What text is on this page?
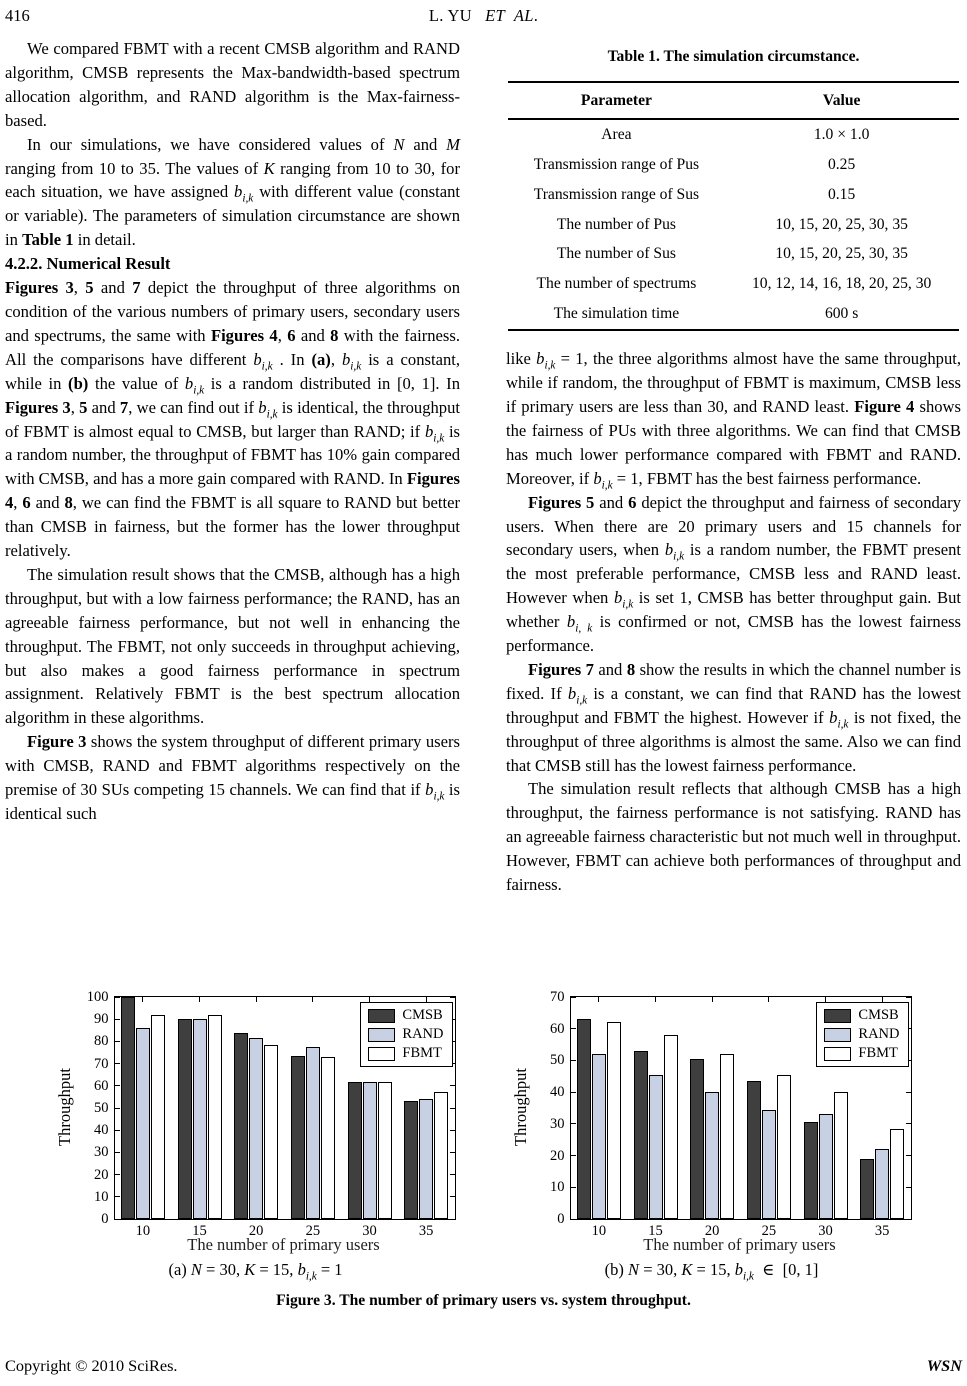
416	L. YU   ET  AL.

We compared FBMT with a recent CMSB algorithm and RAND algorithm, CMSB represents the Max-bandwidth-based spectrum allocation algorithm, and RAND algorithm is the Max-fairness-based.

In our simulations, we have considered values of N and M ranging from 10 to 35. The values of K ranging from 10 to 30, for each situation, we have assigned $b_{i,k}$ with different value (constant or variable). The parameters of simulation circumstance are shown in Table 1 in detail.

4.2.2. Numerical Result

Figures 3, 5 and 7 depict the throughput of three algorithms on condition of the various numbers of primary users, secondary users and spectrums, the same with Figures 4, 6 and 8 with the fairness. All the comparisons have different $b_{i,k}$ . In (a), $b_{i,k}$ is a constant, while in (b) the value of $b_{i,k}$ is a random distributed in [0, 1]. In Figures 3, 5 and 7, we can find out if $b_{i,k}$ is identical, the throughput of FBMT is almost equal to CMSB, but larger than RAND; if $b_{i,k}$ is a random number, the throughput of FBMT has 10% gain compared with CMSB, and has a more gain compared with RAND. In Figures 4, 6 and 8, we can find the FBMT is all square to RAND but better than CMSB in fairness, but the former has the lower throughput relatively.

The simulation result shows that the CMSB, although has a high throughput, but with a low fairness performance; the RAND, has an agreeable fairness performance, but not well in enhancing the throughput. The FBMT, not only succeeds in throughput achieving, but also makes a good fairness performance in spectrum assignment. Relatively FBMT is the best spectrum allocation algorithm in these algorithms.

Figure 3 shows the system throughput of different primary users with CMSB, RAND and FBMT algorithms respectively on the premise of 30 SUs competing 15 channels. We can find that if $b_{i,k}$ is identical such

Table 1. The simulation circumstance.
Parameter	Value
Area	1.0 × 1.0

Transmission range of Pus	0.25

Transmission range of Sus	0.15

The number of Pus	10, 15, 20, 25, 30, 35

The number of Sus	10, 15, 20, 25, 30, 35

The number of spectrums	10, 12, 14, 16, 18, 20, 25, 30

The simulation time	600 s

like $b_{i,k} = 1$, the three algorithms almost have the same throughput, while if random, the throughput of FBMT is maximum, CMSB less if primary users are less than 30, and RAND least. Figure 4 shows the fairness of PUs with three algorithms. We can find that CMSB has much lower performance compared with FBMT and RAND. Moreover, if $b_{i,k} = 1$, FBMT has the best fairness performance.

Figures 5 and 6 depict the throughput and fairness of secondary users. When there are 20 primary users and 15 channels for secondary users, when $b_{i,k}$ is a random number, the FBMT present the most preferable performance, CMSB less and RAND least. However when $b_{i,k}$ is set 1, CMSB has better throughput gain. But whether $b_{i, k}$ is confirmed or not, CMSB has the lowest fairness performance.

Figures 7 and 8 show the results in which the channel number is fixed. If $b_{i,k}$ is a constant, we can find that RAND has the lowest throughput and FBMT the highest. However if $b_{i,k}$ is not fixed, the throughput of three algorithms is almost the same. Also we can find that CMSB still has the lowest fairness performance.

The simulation result reflects that although CMSB has a high throughput, the fairness performance is not satisfying. RAND has an agreeable fairness characteristic but not much well in throughput. However, FBMT can achieve both performances of throughput and fairness.

Throughput
0
10
20
30
40
50
60
70
80
90
100
10	15	20	25	30	35
CMSB
RAND
FBMT
The number of primary users
(a) N = 30, K = 15, $b_{i,k} = 1$
Throughput
0
10
20
30
40
50
60
70
10	15	20	25	30	35
CMSB
RAND
FBMT
The number of primary users
(b) N = 30, K = 15, $b_{i,k}$  ∈  [0, 1]
Figure 3. The number of primary users vs. system throughput.
Copyright © 2010 SciRes.	WSN
